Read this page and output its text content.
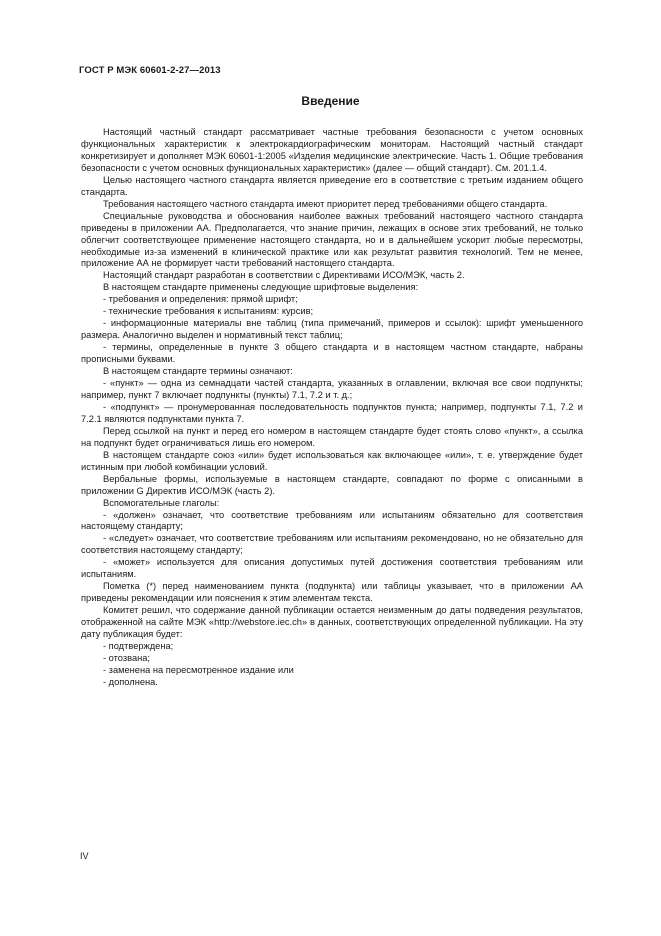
ГОСТ Р МЭК 60601-2-27—2013
Введение

Настоящий частный стандарт рассматривает частные требования безопасности с учетом основных функциональных характеристик к электрокардиографическим мониторам. Настоящий частный стандарт конкретизирует и дополняет МЭК 60601-1:2005 «Изделия медицинские электрические. Часть 1. Общие требования безопасности с учетом основных функциональных характеристик» (далее — общий стандарт). См. 201.1.4.

Целью настоящего частного стандарта является приведение его в соответствие с третьим изданием общего стандарта.

Требования настоящего частного стандарта имеют приоритет перед требованиями общего стандарта.

Специальные руководства и обоснования наиболее важных требований настоящего частного стандарта приведены в приложении АА. Предполагается, что знание причин, лежащих в основе этих требований, не только облегчит соответствующее применение настоящего стандарта, но и в дальнейшем ускорит любые пересмотры, необходимые из-за изменений в клинической практике или как результат развития технологий. Тем не менее, приложение АА не формирует части требований настоящего стандарта.

Настоящий стандарт разработан в соответствии с Директивами ИСО/МЭК, часть 2.

В настоящем стандарте применены следующие шрифтовые выделения:

- требования и определения: прямой шрифт;

- технические требования к испытаниям: курсив;

- информационные материалы вне таблиц (типа примечаний, примеров и ссылок): шрифт уменьшенного размера. Аналогично выделен и нормативный текст таблиц;

- термины, определенные в пункте 3 общего стандарта и в настоящем частном стандарте, набраны прописными буквами.

В настоящем стандарте термины означают:

- «пункт» — одна из семнадцати частей стандарта, указанных в оглавлении, включая все свои подпункты; например, пункт 7 включает подпункты (пункты) 7.1, 7.2 и т. д.;

- «подпункт» — пронумерованная последовательность подпунктов пункта; например, подпункты 7.1, 7.2 и 7.2.1 являются подпунктами пункта 7.

Перед ссылкой на пункт и перед его номером в настоящем стандарте будет стоять слово «пункт», а ссылка на подпункт будет ограничиваться лишь его номером.

В настоящем стандарте союз «или» будет использоваться как включающее «или», т. е. утверждение будет истинным при любой комбинации условий.

Вербальные формы, используемые в настоящем стандарте, совпадают по форме с описанными в приложении G Директив ИСО/МЭК (часть 2).

Вспомогательные глаголы:

- «должен» означает, что соответствие требованиям или испытаниям обязательно для соответствия настоящему стандарту;

- «следует» означает, что соответствие требованиям или испытаниям рекомендовано, но не обязательно для соответствия настоящему стандарту;

- «может» используется для описания допустимых путей достижения соответствия требованиям или испытаниям.

Пометка (*) перед наименованием пункта (подпункта) или таблицы указывает, что в приложении АА приведены рекомендации или пояснения к этим элементам текста.

Комитет решил, что содержание данной публикации остается неизменным до даты подведения результатов, отображенной на сайте МЭК «http://webstore.iec.ch» в данных, соответствующих определенной публикации. На эту дату публикация будет:

- подтверждена;

- отозвана;

- заменена на пересмотренное издание или

- дополнена.

IV
